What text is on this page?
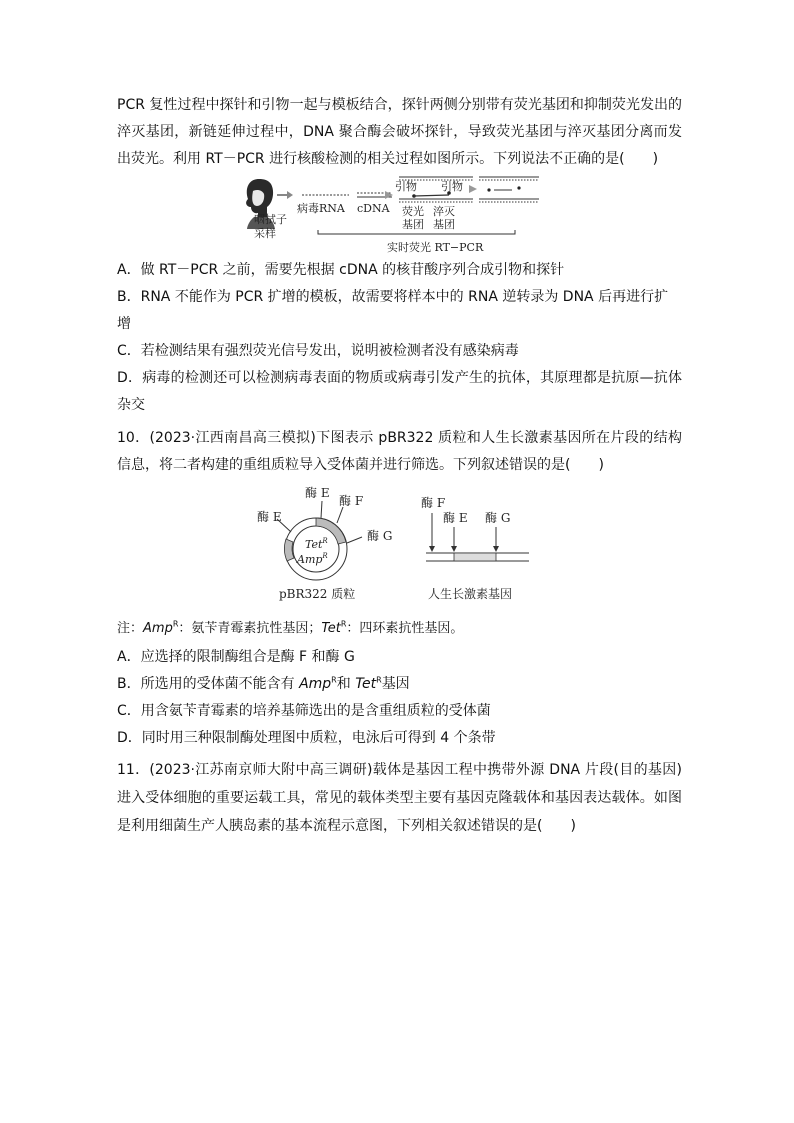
PCR 复性过程中探针和引物一起与模板结合，探针两侧分别带有荧光基团和抑制荧光发出的淬灭基团，新链延伸过程中，DNA 聚合酶会破坏探针，导致荧光基团与淬灭基团分离而发出荧光。利用 RT－PCR 进行核酸检测的相关过程如图所示。下列说法不正确的是(　　)

咽拭子
采样
病毒RNA cDNA
引物 引物
荧光
基团
淬灭
基团
实时荧光 RT−PCR

A．做 RT－PCR 之前，需要先根据 cDNA 的核苷酸序列合成引物和探针

B．RNA 不能作为 PCR 扩增的模板，故需要将样本中的 RNA 逆转录为 DNA 后再进行扩增

C．若检测结果有强烈荧光信号发出，说明被检测者没有感染病毒

D．病毒的检测还可以检测病毒表面的物质或病毒引发产生的抗体，其原理都是抗原—抗体杂交

10．(2023·江西南昌高三模拟)下图表示 pBR322 质粒和人生长激素基因所在片段的结构信息，将二者构建的重组质粒导入受体菌并进行筛选。下列叙述错误的是(　　)

酶 E
酶 F
酶 E
酶 G
Tet$^R$
Amp$^R$
pBR322 质粒
酶 F
酶 E 酶 G
人生长激素基因

注：Amp$^R$：氨苄青霉素抗性基因；Tet$^R$：四环素抗性基因。

A．应选择的限制酶组合是酶 F 和酶 G

B．所选用的受体菌不能含有 Amp$^R$和 Tet$^R$基因

C．用含氨苄青霉素的培养基筛选出的是含重组质粒的受体菌

D．同时用三种限制酶处理图中质粒，电泳后可得到 4 个条带

11．(2023·江苏南京师大附中高三调研)载体是基因工程中携带外源 DNA 片段(目的基因)进入受体细胞的重要运载工具，常见的载体类型主要有基因克隆载体和基因表达载体。如图是利用细菌生产人胰岛素的基本流程示意图，下列相关叙述错误的是(　　)
